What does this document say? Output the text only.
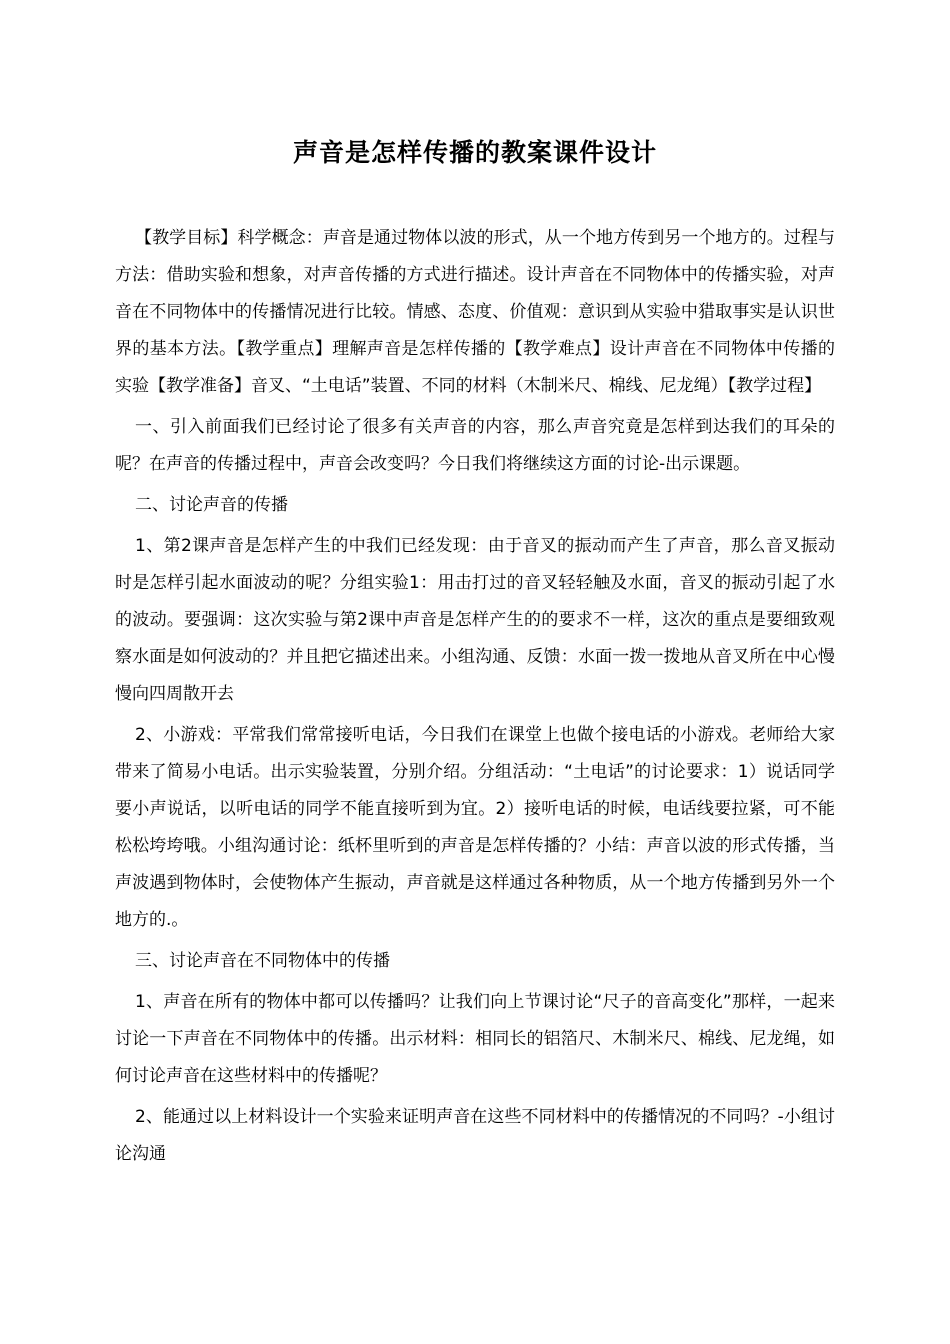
声音是怎样传播的教案课件设计

【教学目标】科学概念：声音是通过物体以波的形式，从一个地方传到另一个地方的。过程与方法：借助实验和想象，对声音传播的方式进行描述。设计声音在不同物体中的传播实验，对声音在不同物体中的传播情况进行比较。情感、态度、价值观：意识到从实验中猎取事实是认识世界的基本方法。【教学重点】理解声音是怎样传播的【教学难点】设计声音在不同物体中传播的实验【教学准备】音叉、“土电话”装置、不同的材料（木制米尺、棉线、尼龙绳）【教学过程】

一、引入前面我们已经讨论了很多有关声音的内容，那么声音究竟是怎样到达我们的耳朵的呢？在声音的传播过程中，声音会改变吗？今日我们将继续这方面的讨论-出示课题。

二、讨论声音的传播

1、第2课声音是怎样产生的中我们已经发现：由于音叉的振动而产生了声音，那么音叉振动时是怎样引起水面波动的呢？分组实验1：用击打过的音叉轻轻触及水面，音叉的振动引起了水的波动。要强调：这次实验与第2课中声音是怎样产生的的要求不一样，这次的重点是要细致观察水面是如何波动的？并且把它描述出来。小组沟通、反馈：水面一拨一拨地从音叉所在中心慢慢向四周散开去

2、小游戏：平常我们常常接听电话，今日我们在课堂上也做个接电话的小游戏。老师给大家带来了简易小电话。出示实验装置，分别介绍。分组活动：“土电话”的讨论要求：1）说话同学要小声说话，以听电话的同学不能直接听到为宜。2）接听电话的时候，电话线要拉紧，可不能松松垮垮哦。小组沟通讨论：纸杯里听到的声音是怎样传播的？小结：声音以波的形式传播，当声波遇到物体时，会使物体产生振动，声音就是这样通过各种物质，从一个地方传播到另外一个地方的.。

三、讨论声音在不同物体中的传播

1、声音在所有的物体中都可以传播吗？让我们向上节课讨论“尺子的音高变化”那样，一起来讨论一下声音在不同物体中的传播。出示材料：相同长的铝箔尺、木制米尺、棉线、尼龙绳，如何讨论声音在这些材料中的传播呢？

2、能通过以上材料设计一个实验来证明声音在这些不同材料中的传播情况的不同吗？-小组讨论沟通
